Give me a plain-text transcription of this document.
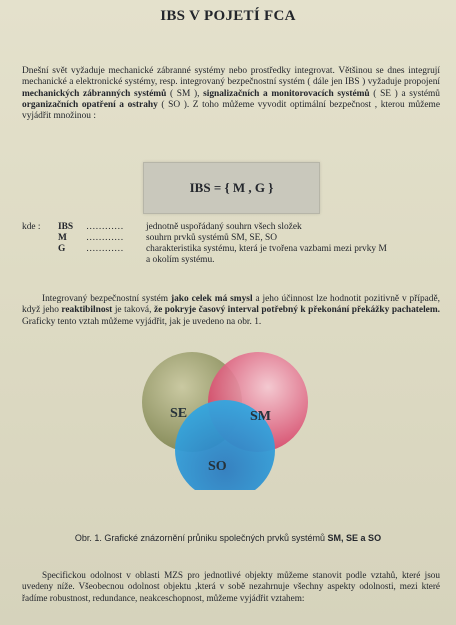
IBS V POJETÍ FCA
Dnešní svět vyžaduje mechanické zábranné systémy nebo prostředky integrovat. Většinou se dnes integrují mechanické a elektronické systémy, resp. integrovaný bezpečnostní systém ( dále jen IBS ) vyžaduje propojení mechanických zábranných systémů ( SM ), signalizačních a monitorovacích systémů ( SE ) a systémů organizačních opatření a ostrahy ( SO ). Z toho můžeme vyvodit optimální bezpečnost , kterou můžeme vyjádřit množinou :
IBS = { M , G }
kde :	IBS	…………	jednotně uspořádaný souhrn všech složek
M	…………	souhrn prvků systémů SM, SE, SO
G	…………	charakteristika systému, která je tvořena vazbami mezi prvky M
a okolím systému.
Integrovaný bezpečnostní systém jako celek má smysl a jeho účinnost lze hodnotit pozitivně v případě, když jeho reaktibilnost je taková, že pokryje časový interval potřebný k překonání překážky pachatelem. Graficky tento vztah můžeme vyjádřit, jak je uvedeno na obr. 1.
SE	SM
SO
Obr. 1. Grafické znázornění průniku společných prvků systémů SM, SE a SO
Specifickou odolnost v oblasti MZS pro jednotlivé objekty můžeme stanovit podle vztahů, které jsou uvedeny níže. Všeobecnou odolnost objektu ,která v sobě nezahrnuje všechny aspekty odolnosti, mezi které řadíme robustnost, redundance, neakceschopnost, můžeme vyjádřit vztahem:
